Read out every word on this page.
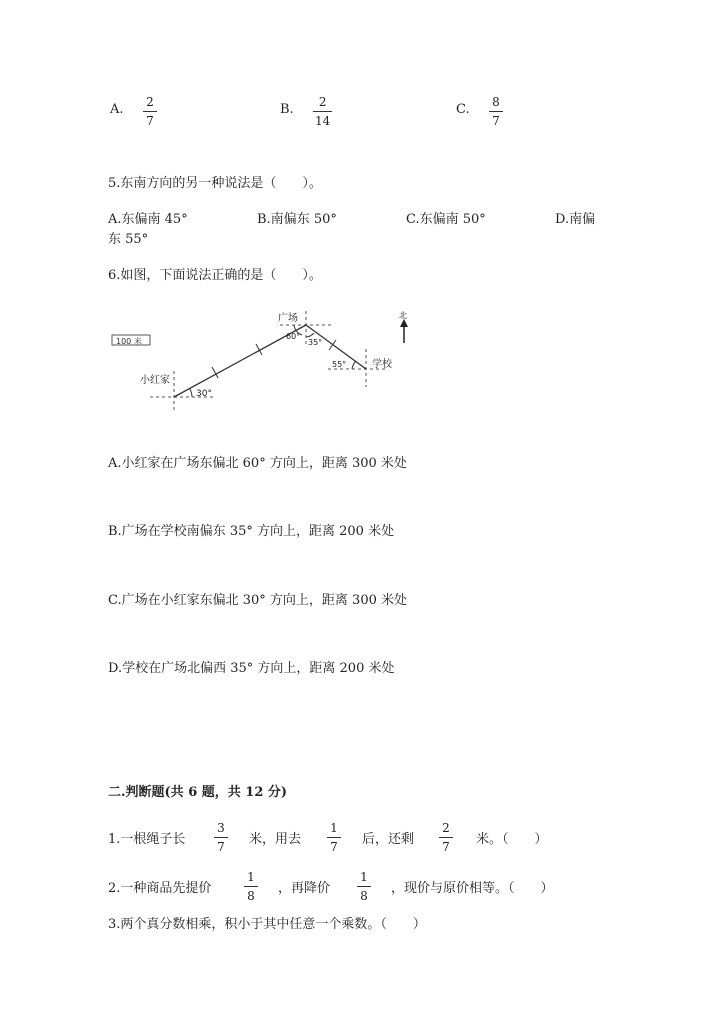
A. 2
7
B. 2
14
C. 8
7
5.东南方向的另一种说法是（　　）。
A.东偏南 45°	B.南偏东 50°	C.东偏南 50°	D.南偏
东 55°
6.如图，下面说法正确的是（　　）。
100 米
广场
60°
35°
55°	学校
小红家
30°
北
A.小红家在广场东偏北 60° 方向上，距离 300 米处
B.广场在学校南偏东 35° 方向上，距离 200 米处
C.广场在小红家东偏北 30° 方向上，距离 300 米处
D.学校在广场北偏西 35° 方向上，距离 200 米处
二.判断题(共 6 题，共 12 分)
1.一根绳子长
3
7 米，用去
1
7 后，还剩
2
7 米。（　　）
2.一种商品先提价
1
8 ，再降价
1
8 ，现价与原价相等。（　　）
3.两个真分数相乘，积小于其中任意一个乘数。（　　）
